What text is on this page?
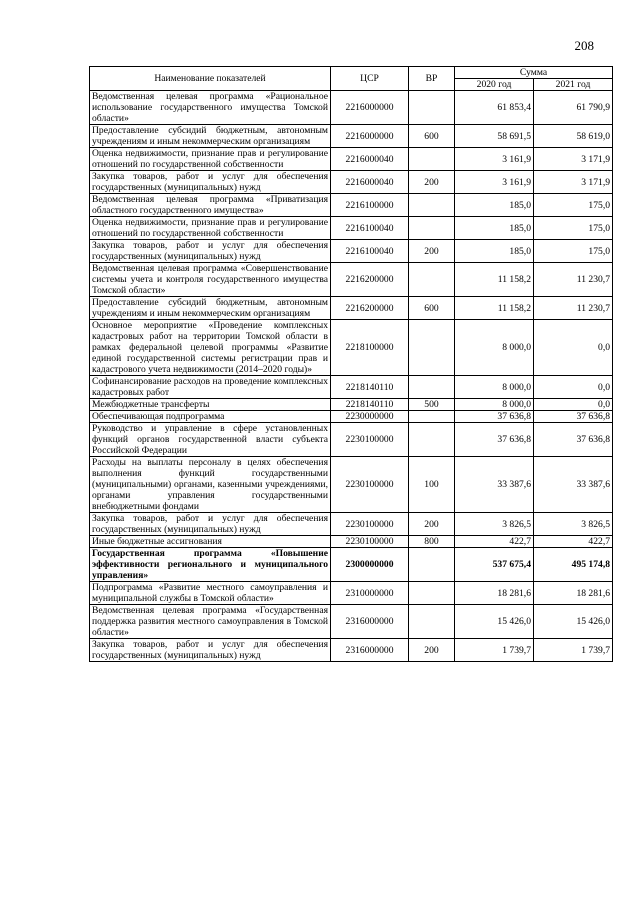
208
Наименование показателей	ЦСР	ВР	Сумма	
			2020 год	2021 год
Ведомственная целевая программа «Рациональное использование государственного имущества Томской области»	2216000000		61 853,4	61 790,9
Предоставление субсидий бюджетным, автономным учреждениям и иным некоммерческим организациям	2216000000	600	58 691,5	58 619,0
Оценка недвижимости, признание прав и регулирование отношений по государственной собственности	2216000040		3 161,9	3 171,9
Закупка товаров, работ и услуг для обеспечения государственных (муниципальных) нужд	2216000040	200	3 161,9	3 171,9
Ведомственная целевая программа «Приватизация областного государственного имущества»	2216100000		185,0	175,0
Оценка недвижимости, признание прав и регулирование отношений по государственной собственности	2216100040		185,0	175,0
Закупка товаров, работ и услуг для обеспечения государственных (муниципальных) нужд	2216100040	200	185,0	175,0
Ведомственная целевая программа «Совершенствование системы учета и контроля государственного имущества Томской области»	2216200000		11 158,2	11 230,7
Предоставление субсидий бюджетным, автономным учреждениям и иным некоммерческим организациям	2216200000	600	11 158,2	11 230,7
Основное мероприятие «Проведение комплексных кадастровых работ на территории Томской области в рамках федеральной целевой программы «Развитие единой государственной системы регистрации прав и кадастрового учета недвижимости (2014–2020 годы)»	2218100000		8 000,0	0,0
Софинансирование расходов на проведение комплексных кадастровых работ	2218140110		8 000,0	0,0
Межбюджетные трансферты	2218140110	500	8 000,0	0,0
Обеспечивающая подпрограмма	2230000000		37 636,8	37 636,8
Руководство и управление в сфере установленных функций органов государственной власти субъекта Российской Федерации	2230100000		37 636,8	37 636,8
Расходы на выплаты персоналу в целях обеспечения выполнения функций государственными (муниципальными) органами, казенными учреждениями, органами управления государственными внебюджетными фондами	2230100000	100	33 387,6	33 387,6
Закупка товаров, работ и услуг для обеспечения государственных (муниципальных) нужд	2230100000	200	3 826,5	3 826,5
Иные бюджетные ассигнования	2230100000	800	422,7	422,7
Государственная программа «Повышение эффективности регионального и муниципального управления»	2300000000		537 675,4	495 174,8
Подпрограмма «Развитие местного самоуправления и муниципальной службы в Томской области»	2310000000		18 281,6	18 281,6
Ведомственная целевая программа «Государственная поддержка развития местного самоуправления в Томской области»	2316000000		15 426,0	15 426,0
Закупка товаров, работ и услуг для обеспечения государственных (муниципальных) нужд	2316000000	200	1 739,7	1 739,7
